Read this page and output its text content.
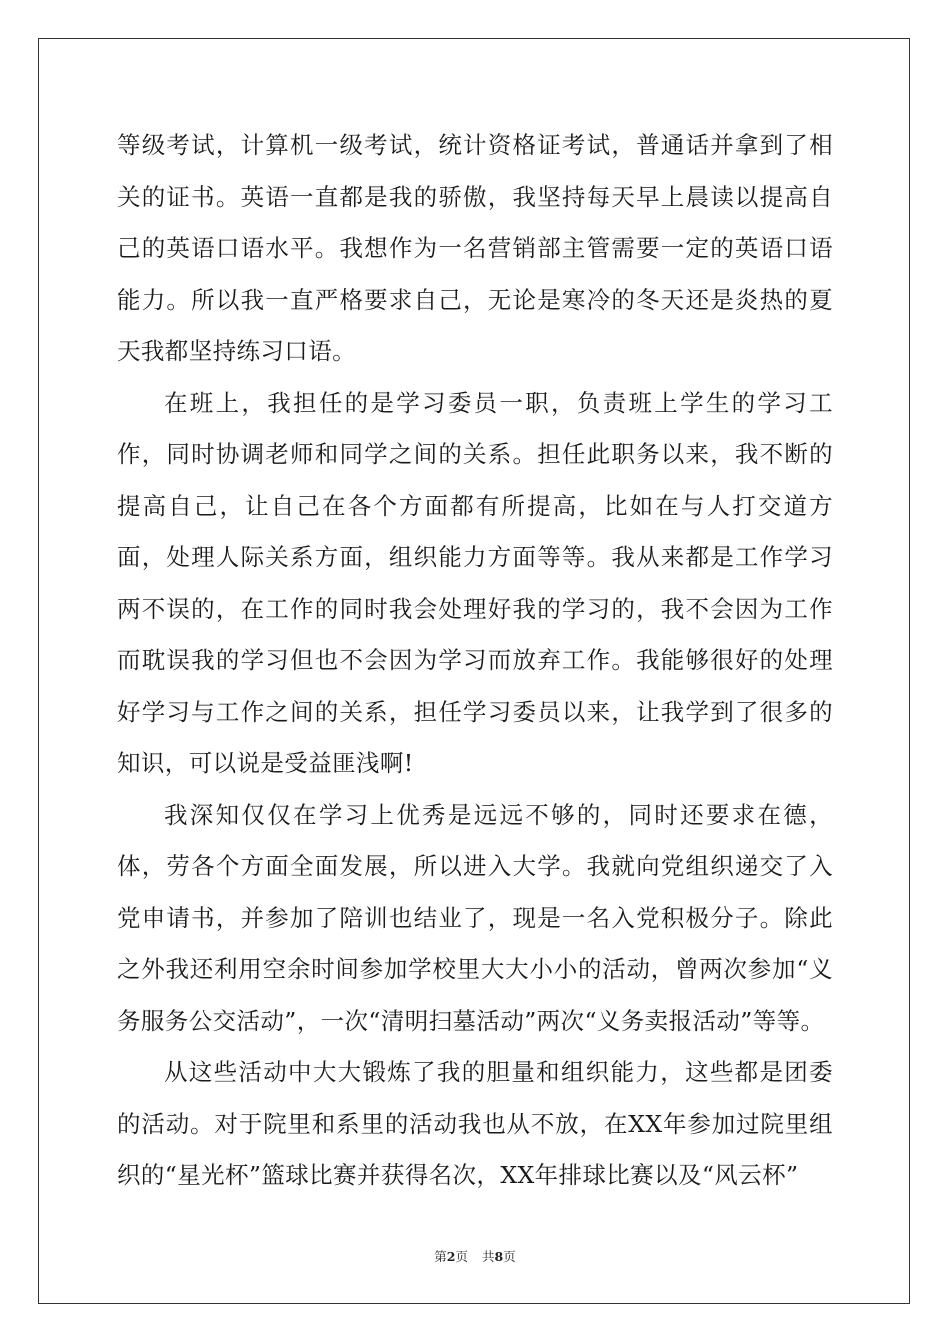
等级考试，计算机一级考试，统计资格证考试，普通话并拿到了相关的证书。英语一直都是我的骄傲，我坚持每天早上晨读以提高自己的英语口语水平。我想作为一名营销部主管需要一定的英语口语能力。所以我一直严格要求自己，无论是寒冷的冬天还是炎热的夏天我都坚持练习口语。

在班上，我担任的是学习委员一职，负责班上学生的学习工作，同时协调老师和同学之间的关系。担任此职务以来，我不断的提高自己，让自己在各个方面都有所提高，比如在与人打交道方面，处理人际关系方面，组织能力方面等等。我从来都是工作学习两不误的，在工作的同时我会处理好我的学习的，我不会因为工作而耽误我的学习但也不会因为学习而放弃工作。我能够很好的处理好学习与工作之间的关系，担任学习委员以来，让我学到了很多的知识，可以说是受益匪浅啊!

我深知仅仅在学习上优秀是远远不够的，同时还要求在德，体，劳各个方面全面发展，所以进入大学。我就向党组织递交了入党申请书，并参加了陪训也结业了，现是一名入党积极分子。除此之外我还利用空余时间参加学校里大大小小的活动，曾两次参加“义务服务公交活动”，一次“清明扫墓活动”两次“义务卖报活动”等等。

从这些活动中大大锻炼了我的胆量和组织能力，这些都是团委的活动。对于院里和系里的活动我也从不放，在XX年参加过院里组织的“星光杯”篮球比赛并获得名次，XX年排球比赛以及“风云杯”

第2页 共8页
